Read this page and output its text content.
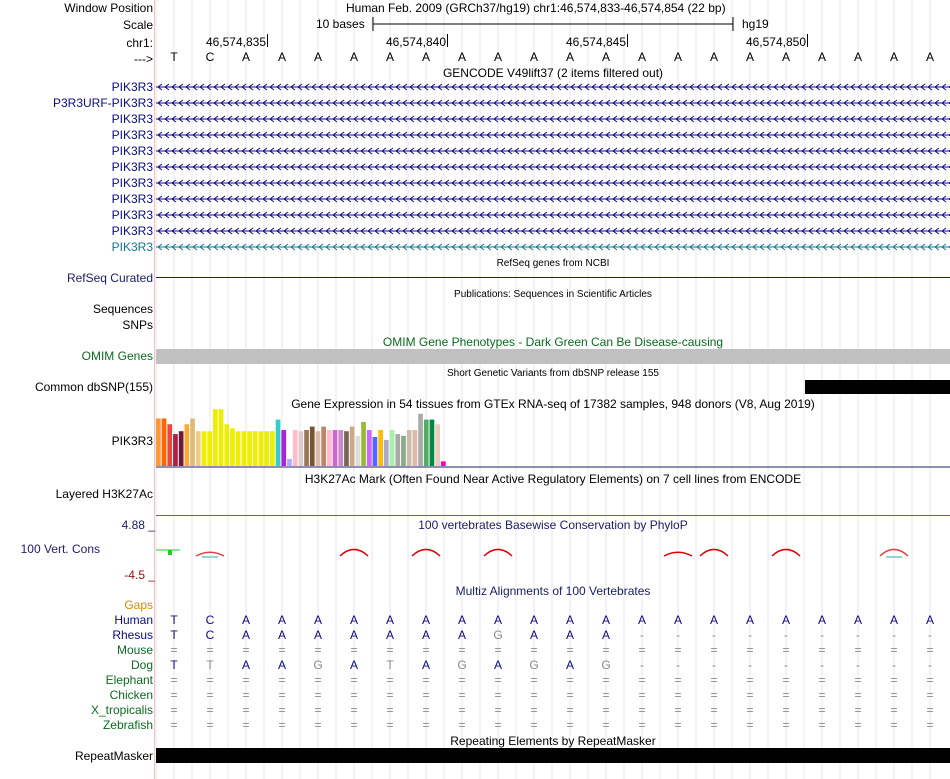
Window Position	Human Feb. 2009 (GRCh37/hg19) chr1:46,574,833-46,574,854 (22 bp)
Scale	10 bases	hg19
chr1:	46,574,835	46,574,840	46,574,845	46,574,850
--->	T	C	A	A	A	A	A	A	A	A	A	A	A	A	A	A	A	A	A	A	A	A
GENCODE V49lift37 (2 items filtered out)
PIK3R3
P3R3URF-PIK3R3
PIK3R3
PIK3R3
PIK3R3
PIK3R3
PIK3R3
PIK3R3
PIK3R3
PIK3R3
PIK3R3
RefSeq genes from NCBI
RefSeq Curated
Publications: Sequences in Scientific Articles
Sequences
SNPs
OMIM Gene Phenotypes - Dark Green Can Be Disease-causing
OMIM Genes
Short Genetic Variants from dbSNP release 155
Common dbSNP(155)
Gene Expression in 54 tissues from GTEx RNA-seq of 17382 samples, 948 donors (V8, Aug 2019)
PIK3R3
H3K27Ac Mark (Often Found Near Active Regulatory Elements) on 7 cell lines from ENCODE
Layered H3K27Ac
100 vertebrates Basewise Conservation by PhyloP
4.88 _
100 Vert. Cons
-4.5 _
Multiz Alignments of 100 Vertebrates
Gaps
Human	T	C	A	A	A	A	A	A	A	A	A	A	A	A	A	A	A	A	A	A	A	A
Rhesus	T	C	A	A	A	A	A	A	A	G	A	A	A	-	-	-	-	-	-	-	-	-
Mouse	=	=	=	=	=	=	=	=	=	=	=	=	=	=	=	=	=	=	=	=	=	=
Dog	T	T	A	A	G	A	T	A	G	A	G	A	G	-	-	-	-	-	-	-	-	-
Elephant	=	=	=	=	=	=	=	=	=	=	=	=	=	=	=	=	=	=	=	=	=	=
Chicken	=	=	=	=	=	=	=	=	=	=	=	=	=	=	=	=	=	=	=	=	=	=
X_tropicalis	=	=	=	=	=	=	=	=	=	=	=	=	=	=	=	=	=	=	=	=	=	=
Zebrafish	=	=	=	=	=	=	=	=	=	=	=	=	=	=	=	=	=	=	=	=	=	=
Repeating Elements by RepeatMasker
RepeatMasker
